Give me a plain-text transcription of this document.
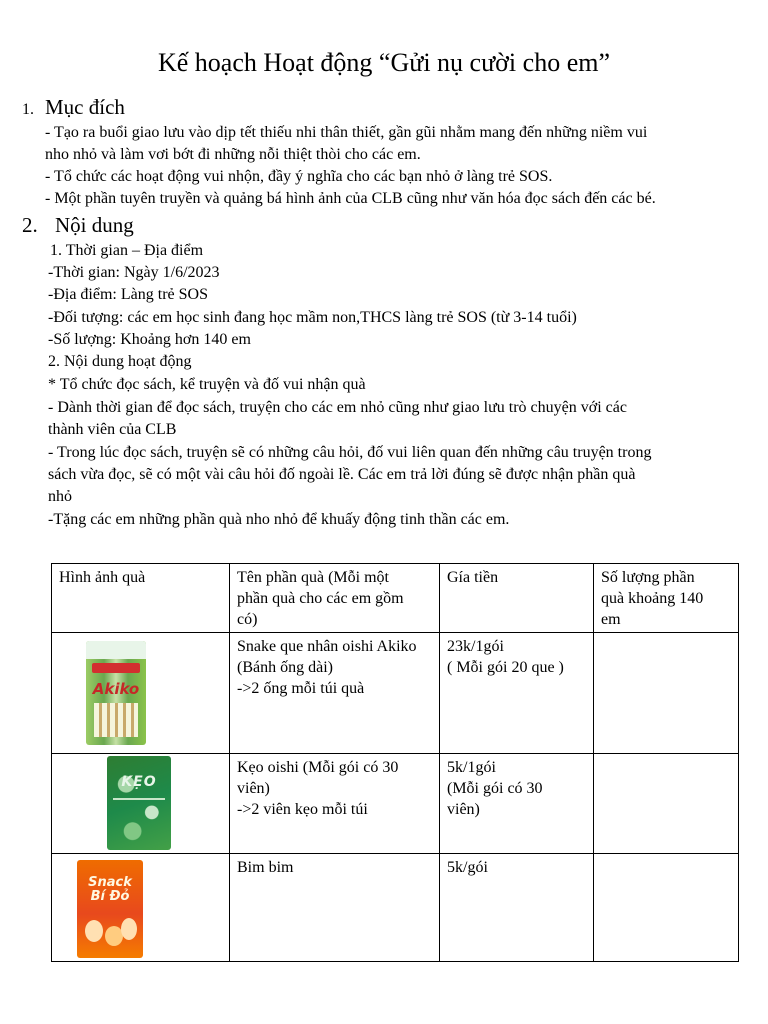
Kế hoạch Hoạt động “Gửi nụ cười cho em”
1. Mục đích
- Tạo ra buổi giao lưu vào dịp tết thiếu nhi thân thiết, gần gũi nhằm mang đến những niềm vui
nho nhỏ và làm vơi bớt đi những nỗi thiệt thòi cho các em.
- Tổ chức các hoạt động vui nhộn, đầy ý nghĩa cho các bạn nhỏ ở làng trẻ SOS.
- Một phần tuyên truyền và quảng bá hình ảnh của CLB cũng như văn hóa đọc sách đến các bé.
2. Nội dung
1. Thời gian – Địa điểm
-Thời gian: Ngày 1/6/2023
-Địa điểm: Làng trẻ SOS
-Đối tượng: các em học sinh đang học mầm non,THCS làng trẻ SOS (từ 3-14 tuổi)
-Số lượng: Khoảng hơn 140 em
2. Nội dung hoạt động
* Tổ chức đọc sách, kể truyện và đố vui nhận quà
- Dành thời gian để đọc sách, truyện cho các em nhỏ cũng như giao lưu trò chuyện với các
thành viên của CLB
- Trong lúc đọc sách, truyện sẽ có những câu hỏi, đố vui liên quan đến những câu truyện trong
sách vừa đọc, sẽ có một vài câu hỏi đố ngoài lề. Các em trả lời đúng sẽ được nhận phần quà
nhỏ
-Tặng các em những phần quà nho nhỏ để khuấy động tinh thần các em.
Hình ảnh quà	Tên phần quà (Mỗi một
phần quà cho các em gồm
có)	Gía tiền	Số lượng phần
quà khoảng 140
em

Akiko	Snake que nhân oishi Akiko
(Bánh ống dài)
->2 ống mỗi túi quà	23k/1gói
( Mỗi gói 20 que )	

KẸO	Kẹo oishi (Mỗi gói có 30
viên)
->2 viên kẹo mỗi túi	5k/1gói
(Mỗi gói có 30
viên)	

Snack
Bí Đỏ	Bim bim	5k/gói	
